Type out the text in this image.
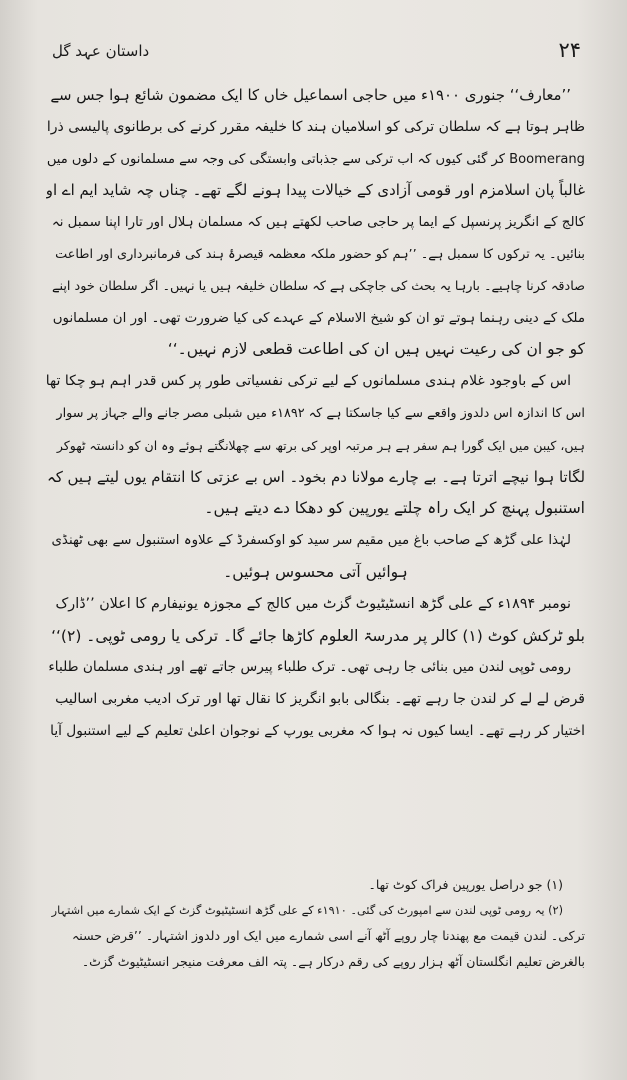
۲۴
داستان عہد گل
’’معارف‘‘ جنوری ۱۹۰۰ء میں حاجی اسماعیل خاں کا ایک مضمون شائع ہوا جس سے
ظاہر ہوتا ہے کہ سلطان ترکی کو اسلامیان ہند کا خلیفہ مقرر کرنے کی برطانوی پالیسی ذرا
Boomerang کر گئی کیوں کہ اب ترکی سے جذباتی وابستگی کی وجہ سے مسلمانوں کے دلوں میں
غالباً پان اسلامزم اور قومی آزادی کے خیالات پیدا ہونے لگے تھے۔ چناں چہ شاید ایم اے او
کالج کے انگریز پرنسپل کے ایما پر حاجی صاحب لکھتے ہیں کہ مسلمان ہلال اور تارا اپنا سمبل نہ
بنائیں۔ یہ ترکوں کا سمبل ہے۔ ’’ہم کو حضور ملکہ معظمہ قیصرۂ ہند کی فرمانبرداری اور اطاعت
صادقہ کرنا چاہیے۔ بارہا یہ بحث کی جاچکی ہے کہ سلطان خلیفہ ہیں یا نہیں۔ اگر سلطان خود اپنے
ملک کے دینی رہنما ہوتے تو ان کو شیخ الاسلام کے عہدے کی کیا ضرورت تھی۔ اور ان مسلمانوں
کو جو ان کی رعیت نہیں ہیں ان کی اطاعت قطعی لازم نہیں۔‘‘
اس کے باوجود غلام ہندی مسلمانوں کے لیے ترکی نفسیاتی طور پر کس قدر اہم ہو چکا تھا
اس کا اندازہ اس دلدوز واقعے سے کیا جاسکتا ہے کہ ۱۸۹۲ء میں شبلی مصر جانے والے جہاز پر سوار
ہیں، کیبن میں ایک گورا ہم سفر ہے ہر مرتبہ اوپر کی برتھ سے چھلانگتے ہوئے وہ ان کو دانستہ ٹھوکر
لگاتا ہوا نیچے اترتا ہے۔ بے چارے مولانا دم بخود۔ اس بے عزتی کا انتقام یوں لیتے ہیں کہ
استنبول پہنچ کر ایک راہ چلتے یورپین کو دھکا دے دیتے ہیں۔
لہٰذا علی گڑھ کے صاحب باغ میں مقیم سر سید کو اوکسفرڈ کے علاوہ استنبول سے بھی ٹھنڈی
ہوائیں آتی محسوس ہوئیں۔
نومبر ۱۸۹۴ء کے علی گڑھ انسٹیٹیوٹ گزٹ میں کالج کے مجوزہ یونیفارم کا اعلان ’’ڈارک
بلو ٹرکش کوٹ (۱) کالر پر مدرسۃ العلوم کاڑھا جائے گا۔ ترکی یا رومی ٹوپی۔ (۲)‘‘
رومی ٹوپی لندن میں بنائی جا رہی تھی۔ ترک طلباء پیرس جاتے تھے اور ہندی مسلمان طلباء
قرض لے لے کر لندن جا رہے تھے۔ بنگالی بابو انگریز کا نقال تھا اور ترک ادیب مغربی اسالیب
اختیار کر رہے تھے۔ ایسا کیوں نہ ہوا کہ مغربی یورپ کے نوجوان اعلیٰ تعلیم کے لیے استنبول آیا
(۱) جو دراصل یورپین فراک کوٹ تھا۔
(۲) یہ رومی ٹوپی لندن سے امپورٹ کی گئی۔ ۱۹۱۰ء کے علی گڑھ انسٹیٹیوٹ گزٹ کے ایک شمارے میں اشتہار
ترکی۔ لندن قیمت مع پھندنا چار روپے آٹھ آنے اسی شمارے میں ایک اور دلدوز اشتہار۔ ’’قرض حسنہ
بالغرض تعلیم انگلستان آٹھ ہزار روپے کی رقم درکار ہے۔ پتہ الف معرفت منیجر انسٹیٹیوٹ گزٹ۔
